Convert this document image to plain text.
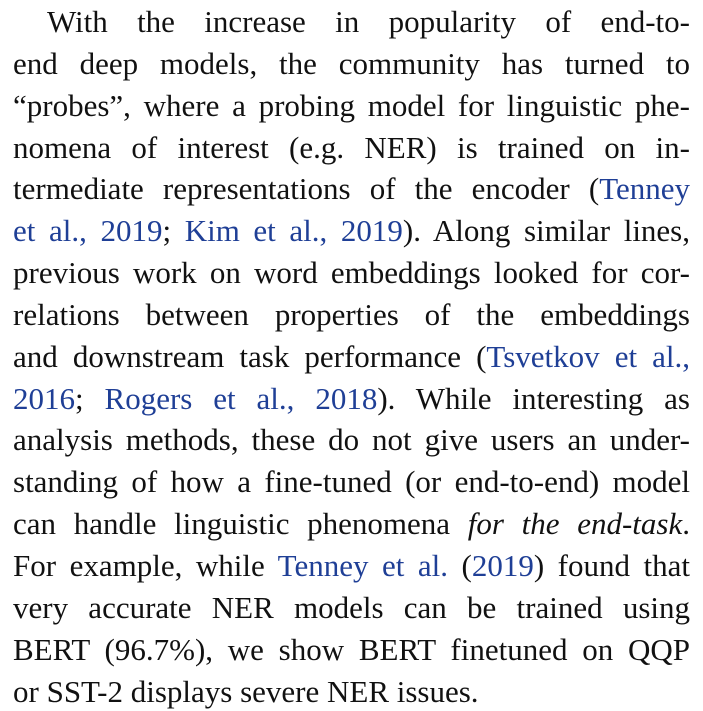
With the increase in popularity of end-to-
end deep models, the community has turned to
“probes”, where a probing model for linguistic phe-
nomena of interest (e.g. NER) is trained on in-
termediate representations of the encoder (Tenney
et al., 2019; Kim et al., 2019). Along similar lines,
previous work on word embeddings looked for cor-
relations between properties of the embeddings
and downstream task performance (Tsvetkov et al.,
2016; Rogers et al., 2018). While interesting as
analysis methods, these do not give users an under-
standing of how a fine-tuned (or end-to-end) model
can handle linguistic phenomena for the end-task.
For example, while Tenney et al. (2019) found that
very accurate NER models can be trained using
BERT (96.7%), we show BERT finetuned on QQP
or SST-2 displays severe NER issues.
